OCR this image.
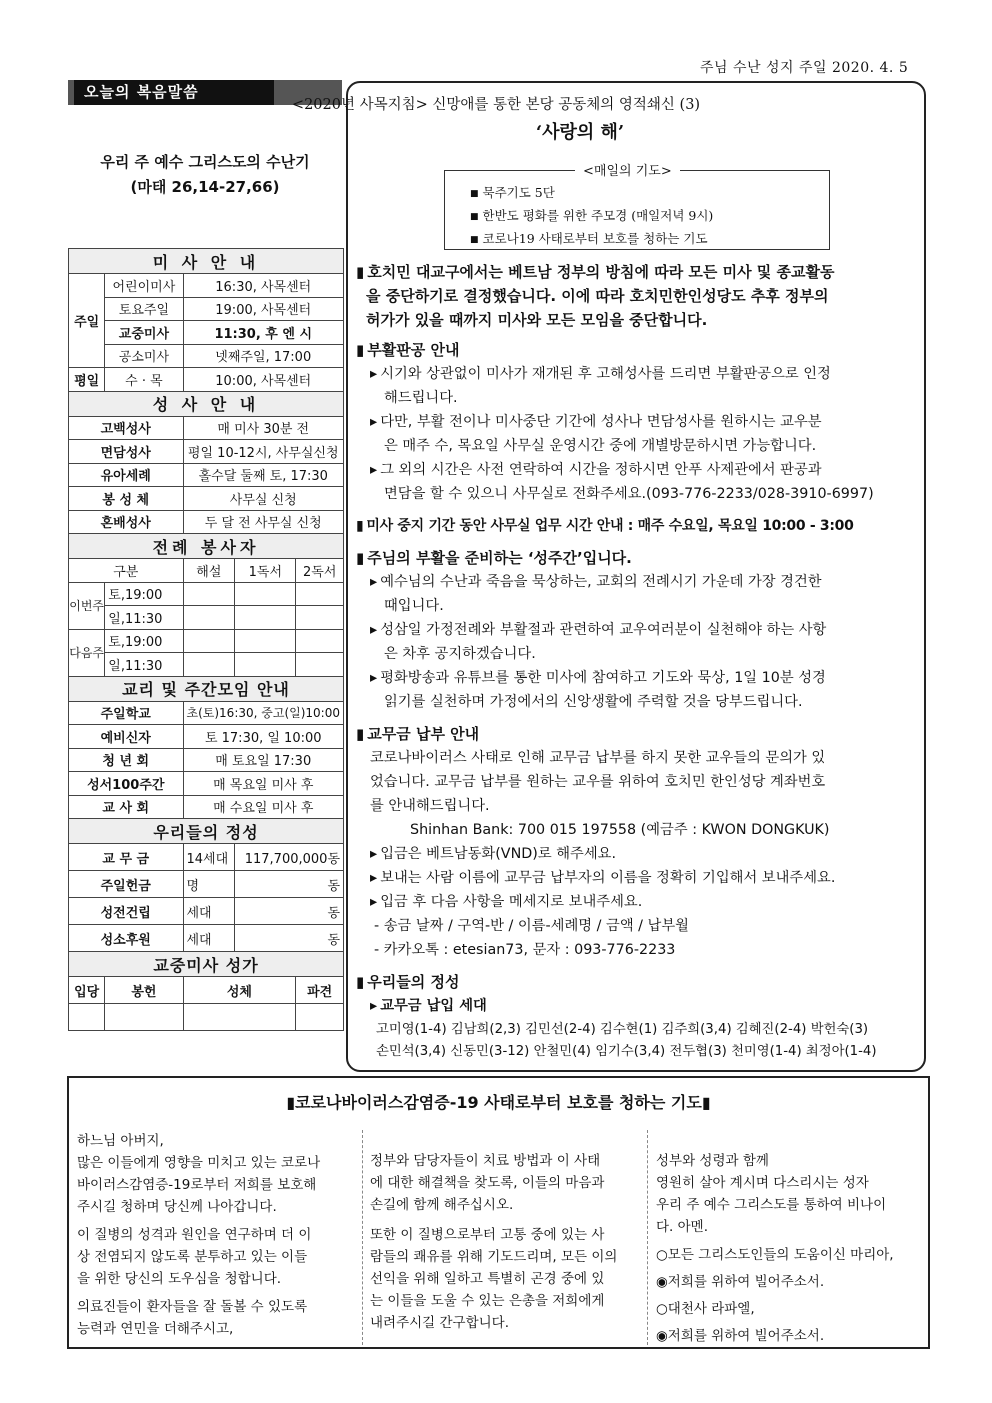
주님 수난 성지 주일 2020. 4. 5
오늘의 복음말씀
우리 주 예수 그리스도의 수난기
(마태 26,14-27,66)
미 사 안 내				
주일	어린이미사	16:30, 사목센터		
	토요주일	19:00, 사목센터		
	교중미사	11:30, 후 엔 시		
	공소미사	넷째주일, 17:00		
평일	수 · 목	10:00, 사목센터		
성 사 안 내				
고백성사		매 미사 30분 전		
면담성사		평일 10-12시, 사무실신청		
유아세례		홀수달 둘째 토, 17:30		
봉 성 체		사무실 신청		
혼배성사		두 달 전 사무실 신청		
전례 봉사자				
구분		해설	1독서	2독서
이번주	토,19:00			
	일,11:30			
다음주	토,19:00			
	일,11:30			
교리 및 주간모임 안내				
주일학교		초(토)16:30, 중고(일)10:00		
예비신자		토 17:30, 일 10:00		
청 년 회		매 토요일 17:30		
성서100주간		매 목요일 미사 후		
교 사 회		매 수요일 미사 후		
우리들의 정성				
교 무 금		14세대	117,700,000동	
주일헌금		명	동	
성전건립		세대	동	
성소후원		세대	동	
교중미사 성가				
입당	봉헌	성체		파견

<2020년 사목지침> 신망애를 통한 본당 공동체의 영적쇄신 (3)
‘사랑의 해’
<매일의 기도>
■ 묵주기도 5단
■ 한반도 평화를 위한 주모경 (매일저녁 9시)
■ 코로나19 사태로부터 보호를 청하는 기도
▮ 호치민 대교구에서는 베트남 정부의 방침에 따라 모든 미사 및 종교활동
을 중단하기로 결정했습니다. 이에 따라 호치민한인성당도 추후 정부의
허가가 있을 때까지 미사와 모든 모임을 중단합니다.
▮ 부활판공 안내
▸ 시기와 상관없이 미사가 재개된 후 고해성사를 드리면 부활판공으로 인정
해드립니다.
▸ 다만, 부활 전이나 미사중단 기간에 성사나 면담성사를 원하시는 교우분
은 매주 수, 목요일 사무실 운영시간 중에 개별방문하시면 가능합니다.
▸ 그 외의 시간은 사전 연락하여 시간을 정하시면 안푸 사제관에서 판공과
면담을 할 수 있으니 사무실로 전화주세요.(093-776-2233/028-3910-6997)
▮ 미사 중지 기간 동안 사무실 업무 시간 안내 : 매주 수요일, 목요일 10:00 - 3:00
▮ 주님의 부활을 준비하는 ‘성주간’입니다.
▸ 예수님의 수난과 죽음을 묵상하는, 교회의 전례시기 가운데 가장 경건한
때입니다.
▸ 성삼일 가정전례와 부활절과 관련하여 교우여러분이 실천해야 하는 사항
은 차후 공지하겠습니다.
▸ 평화방송과 유튜브를 통한 미사에 참여하고 기도와 묵상, 1일 10분 성경
읽기를 실천하며 가정에서의 신앙생활에 주력할 것을 당부드립니다.
▮ 교무금 납부 안내
코로나바이러스 사태로 인해 교무금 납부를 하지 못한 교우들의 문의가 있
었습니다. 교무금 납부를 원하는 교우를 위하여 호치민 한인성당 계좌번호
를 안내해드립니다.
Shinhan Bank: 700 015 197558 (예금주 : KWON DONGKUK)
▸ 입금은 베트남동화(VND)로 해주세요.
▸ 보내는 사람 이름에 교무금 납부자의 이름을 정확히 기입해서 보내주세요.
▸ 입금 후 다음 사항을 메세지로 보내주세요.
- 송금 날짜 / 구역-반 / 이름-세례명 / 금액 / 납부월
- 카카오톡 : etesian73, 문자 : 093-776-2233
▮ 우리들의 정성
▸ 교무금 납입 세대
고미영(1-4) 김남희(2,3) 김민선(2-4) 김수현(1) 김주희(3,4) 김혜진(2-4) 박헌숙(3)
손민석(3,4) 신동민(3-12) 안철민(4) 임기수(3,4) 전두협(3) 천미영(1-4) 최정아(1-4)
▮코로나바이러스감염증-19 사태로부터 보호를 청하는 기도▮
하느님 아버지,
많은 이들에게 영향을 미치고 있는 코로나
바이러스감염증-19로부터 저희를 보호해
주시길 청하며 당신께 나아갑니다.
이 질병의 성격과 원인을 연구하며 더 이
상 전염되지 않도록 분투하고 있는 이들
을 위한 당신의 도우심을 청합니다.
의료진들이 환자들을 잘 돌볼 수 있도록
능력과 연민을 더해주시고,
정부와 담당자들이 치료 방법과 이 사태
에 대한 해결책을 찾도록, 이들의 마음과
손길에 함께 해주십시오.
또한 이 질병으로부터 고통 중에 있는 사
람들의 쾌유를 위해 기도드리며, 모든 이의
선익을 위해 일하고 특별히 곤경 중에 있
는 이들을 도울 수 있는 은총을 저희에게
내려주시길 간구합니다.
성부와 성령과 함께
영원히 살아 계시며 다스리시는 성자
우리 주 예수 그리스도를 통하여 비나이
다. 아멘.
○모든 그리스도인들의 도움이신 마리아,
◉저희를 위하여 빌어주소서.
○대천사 라파엘,
◉저희를 위하여 빌어주소서.
